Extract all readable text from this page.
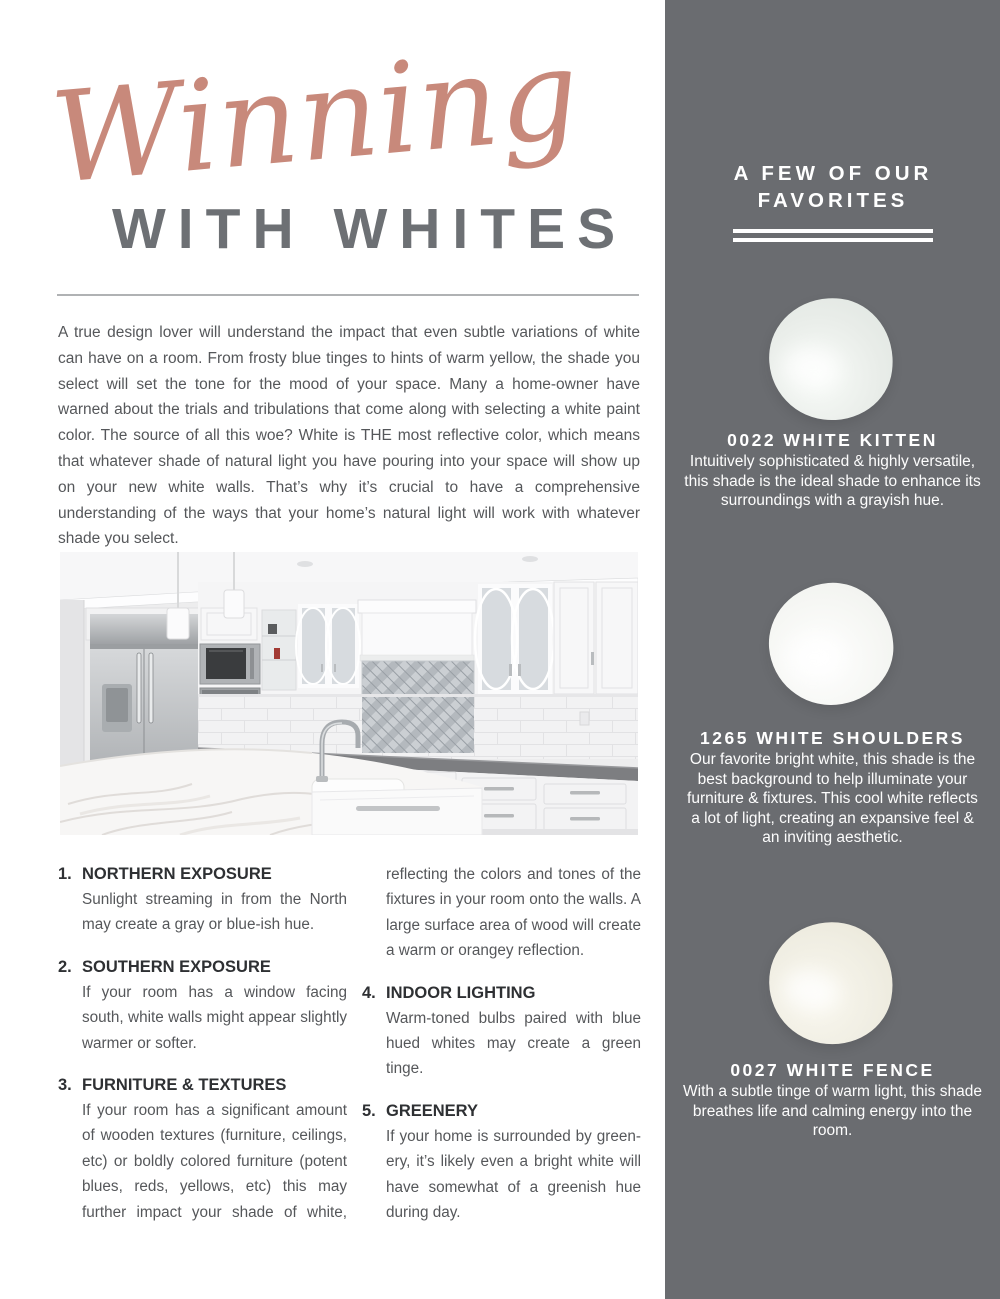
Winning
WITH WHITES

A true design lover will understand the impact that even subtle variations of white can have on a room. From frosty blue tinges to hints of warm yellow, the shade you select will set the tone for the mood of your space. Many a home-owner have warned about the trials and tribulations that come along with selecting a white paint color. The source of all this woe? White is THE most reflective color, which means that whatever shade of natural light you have pouring into your space will show up on your new white walls. That’s why it’s crucial to have a comprehensive understanding of the ways that your home’s natural light will work with whatever shade you select.

1. NORTHERN EXPOSURE

Sunlight streaming in from the North may create a gray or blue-ish hue.

2. SOUTHERN EXPOSURE

If your room has a window facing south, white walls might appear slightly warmer or softer.

3. FURNITURE & TEXTURES

If your room has a significant amount of wooden textures (furniture, ceilings, etc) or boldly colored furniture (potent blues, reds, yellows, etc) this may further impact your shade of white,

reflecting the colors and tones of the fixtures in your room onto the walls. A large surface area of wood will create a warm or orangey reflection.

4. INDOOR LIGHTING

Warm-toned bulbs paired with blue hued whites may create a green tinge.

5. GREENERY

If your home is surrounded by green-ery, it’s likely even a bright white will have somewhat of a greenish hue during day.

A FEW OF OUR FAVORITES
0022 WHITE KITTEN
Intuitively sophisticated & highly versatile, this shade is the ideal shade to enhance its surroundings with a grayish hue.
1265 WHITE SHOULDERS
Our favorite bright white, this shade is the best background to help illuminate your furniture & fixtures. This cool white reflects a lot of light, creating an expansive feel & an inviting aesthetic.
0027 WHITE FENCE
With a subtle tinge of warm light, this shade breathes life and calming energy into the room.
